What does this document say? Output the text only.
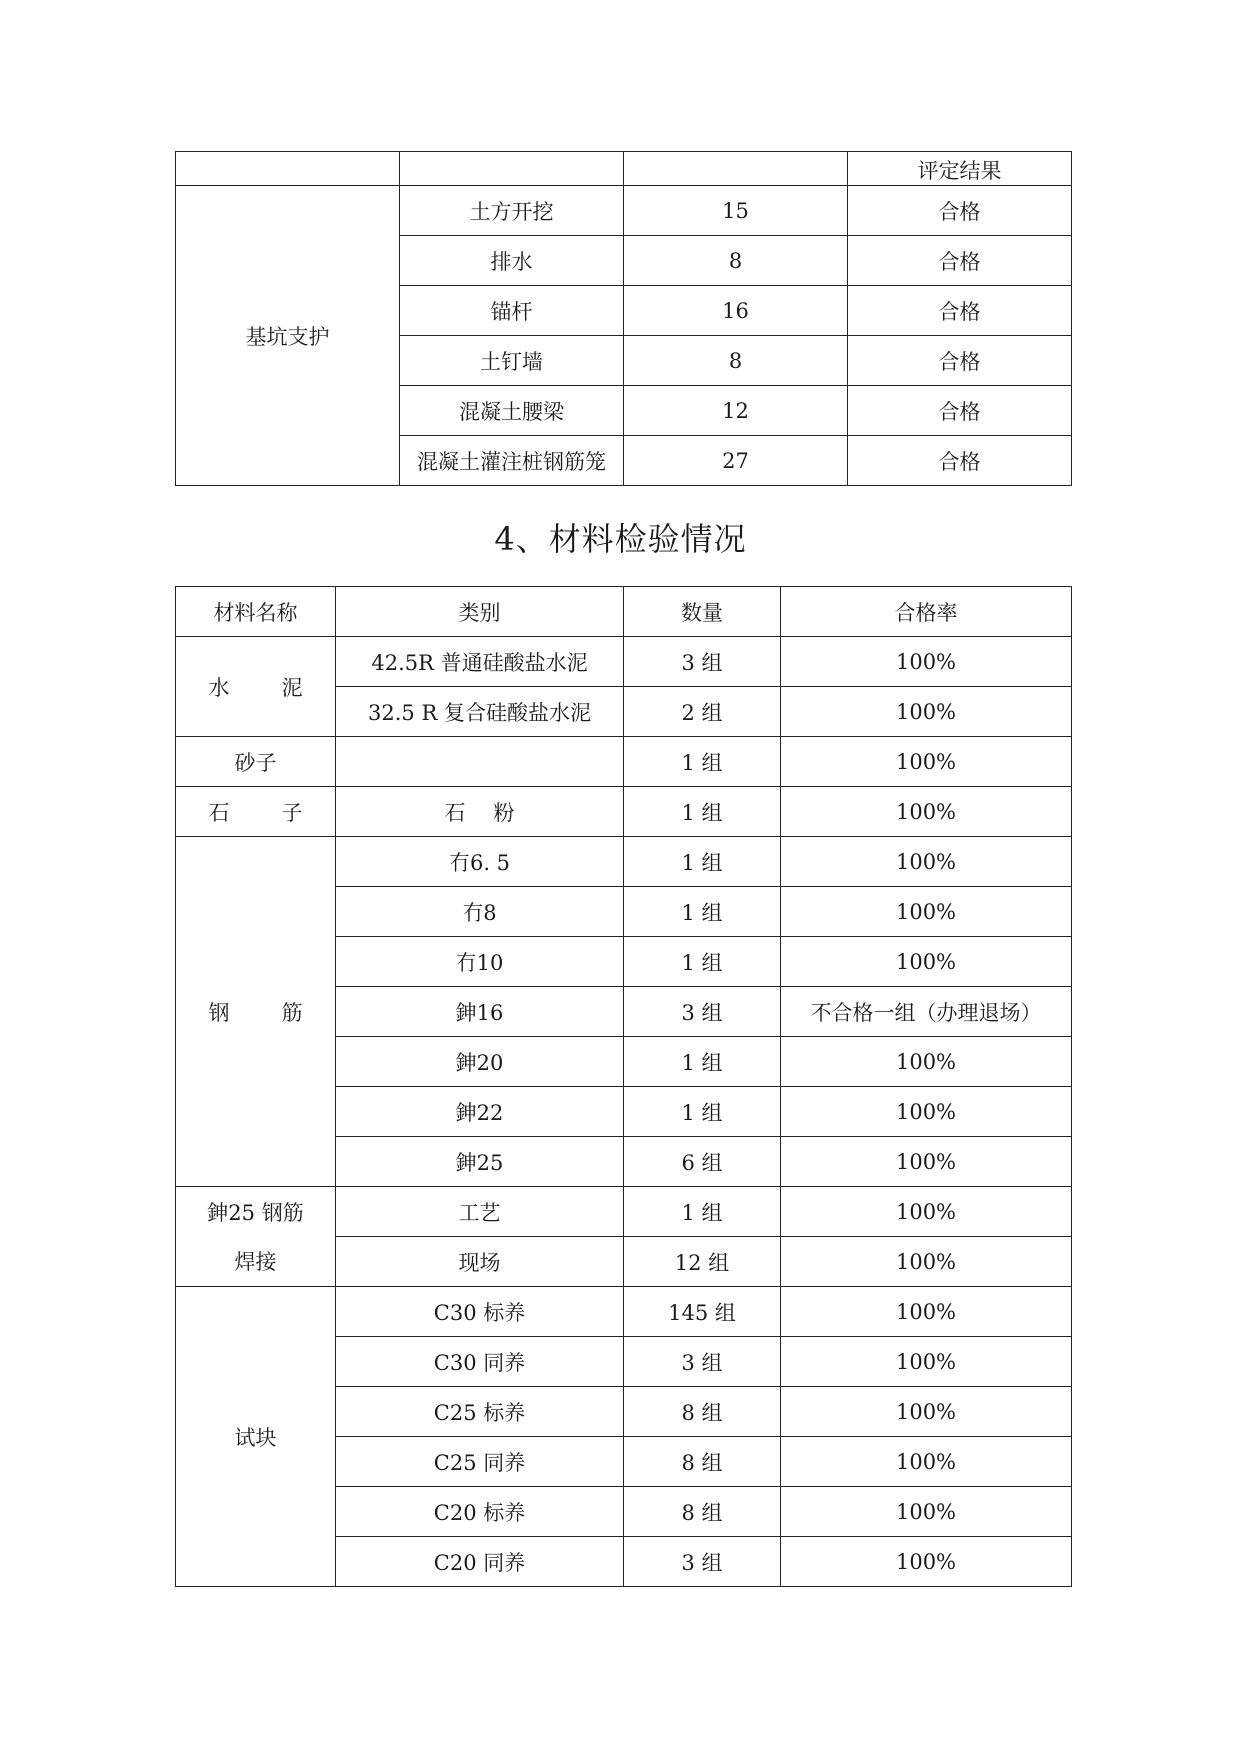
			评定结果
基坑支护	土方开挖	15	合格
	排水	8	合格
	锚杆	16	合格
	土钉墙	8	合格
	混凝土腰梁	12	合格
	混凝土灌注桩钢筋笼	27	合格
4、材料检验情况
材料名称	类别	数量	合格率
水 泥	42.5R 普通硅酸盐水泥	3 组	100%
	32.5 R 复合硅酸盐水泥	2 组	100%
砂子		1 组	100%
石 子	石 粉	1 组	100%
钢 筋	冇6. 5	1 组	100%
	冇8	1 组	100%
	冇10	1 组	100%
	鉮16	3 组	不合格一组（办理退场）
	鉮20	1 组	100%
	鉮22	1 组	100%
	鉮25	6 组	100%
鉮25 钢筋	工艺	1 组	100%
焊接	现场	12 组	100%
试块	C30 标养	145 组	100%
	C30 同养	3 组	100%
	C25 标养	8 组	100%
	C25 同养	8 组	100%
	C20 标养	8 组	100%
	C20 同养	3 组	100%
